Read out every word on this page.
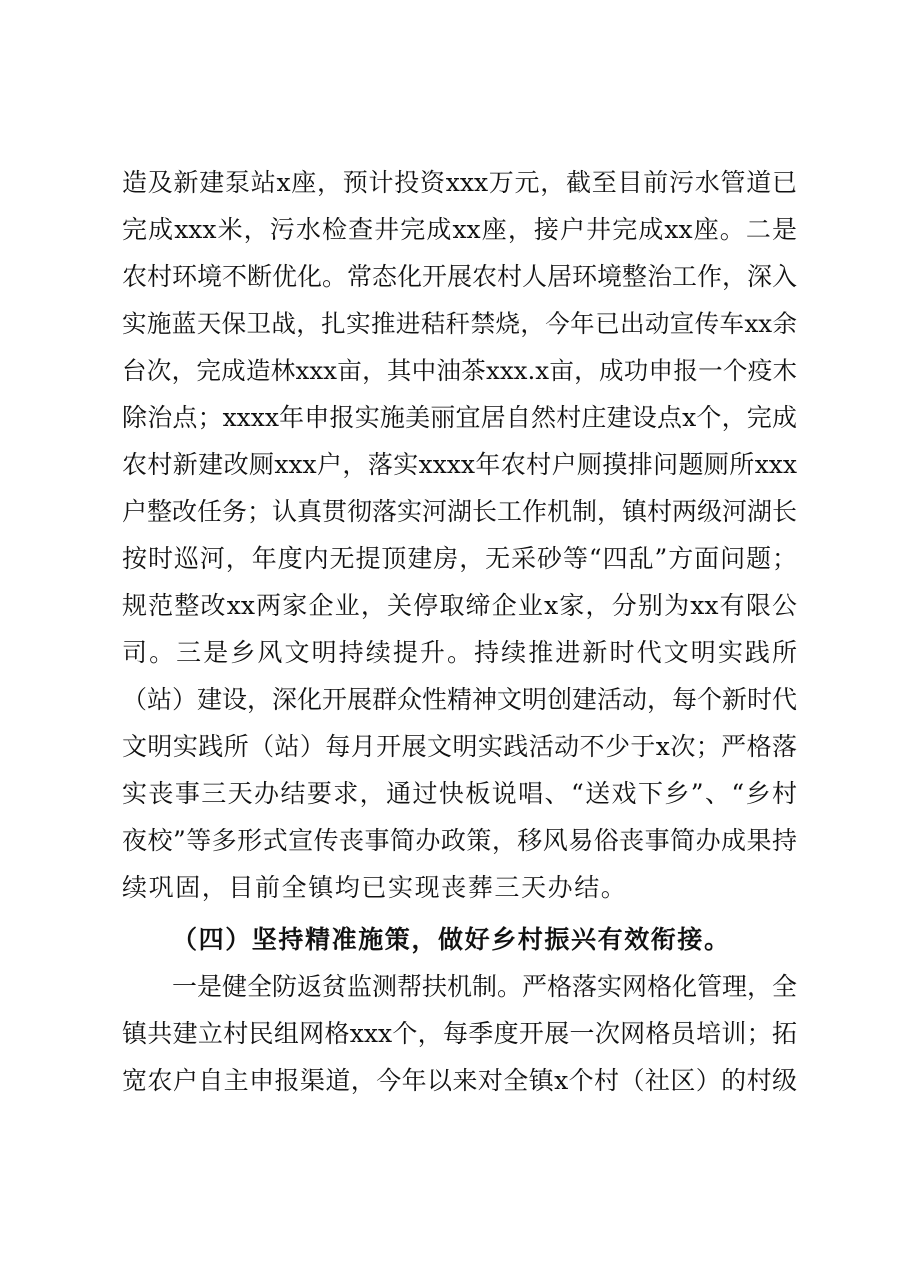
造及新建泵站x座，预计投资xxx万元，截至目前污水管道已
完成xxx米，污水检查井完成xx座，接户井完成xx座。二是
农村环境不断优化。常态化开展农村人居环境整治工作，深入
实施蓝天保卫战，扎实推进秸秆禁烧，今年已出动宣传车xx余
台次，完成造林xxx亩，其中油茶xxx.x亩，成功申报一个疫木
除治点；xxxx年申报实施美丽宜居自然村庄建设点x个，完成
农村新建改厕xxx户，落实xxxx年农村户厕摸排问题厕所xxx
户整改任务；认真贯彻落实河湖长工作机制，镇村两级河湖长
按时巡河，年度内无提顶建房，无采砂等“四乱”方面问题；
规范整改xx两家企业，关停取缔企业x家，分别为xx有限公
司。三是乡风文明持续提升。持续推进新时代文明实践所
（站）建设，深化开展群众性精神文明创建活动，每个新时代
文明实践所（站）每月开展文明实践活动不少于x次；严格落
实丧事三天办结要求，通过快板说唱、“送戏下乡”、“乡村
夜校”等多形式宣传丧事简办政策，移风易俗丧事简办成果持
续巩固，目前全镇均已实现丧葬三天办结。
（四）坚持精准施策，做好乡村振兴有效衔接。
一是健全防返贫监测帮扶机制。严格落实网格化管理，全
镇共建立村民组网格xxx个，每季度开展一次网格员培训；拓
宽农户自主申报渠道，今年以来对全镇x个村（社区）的村级
